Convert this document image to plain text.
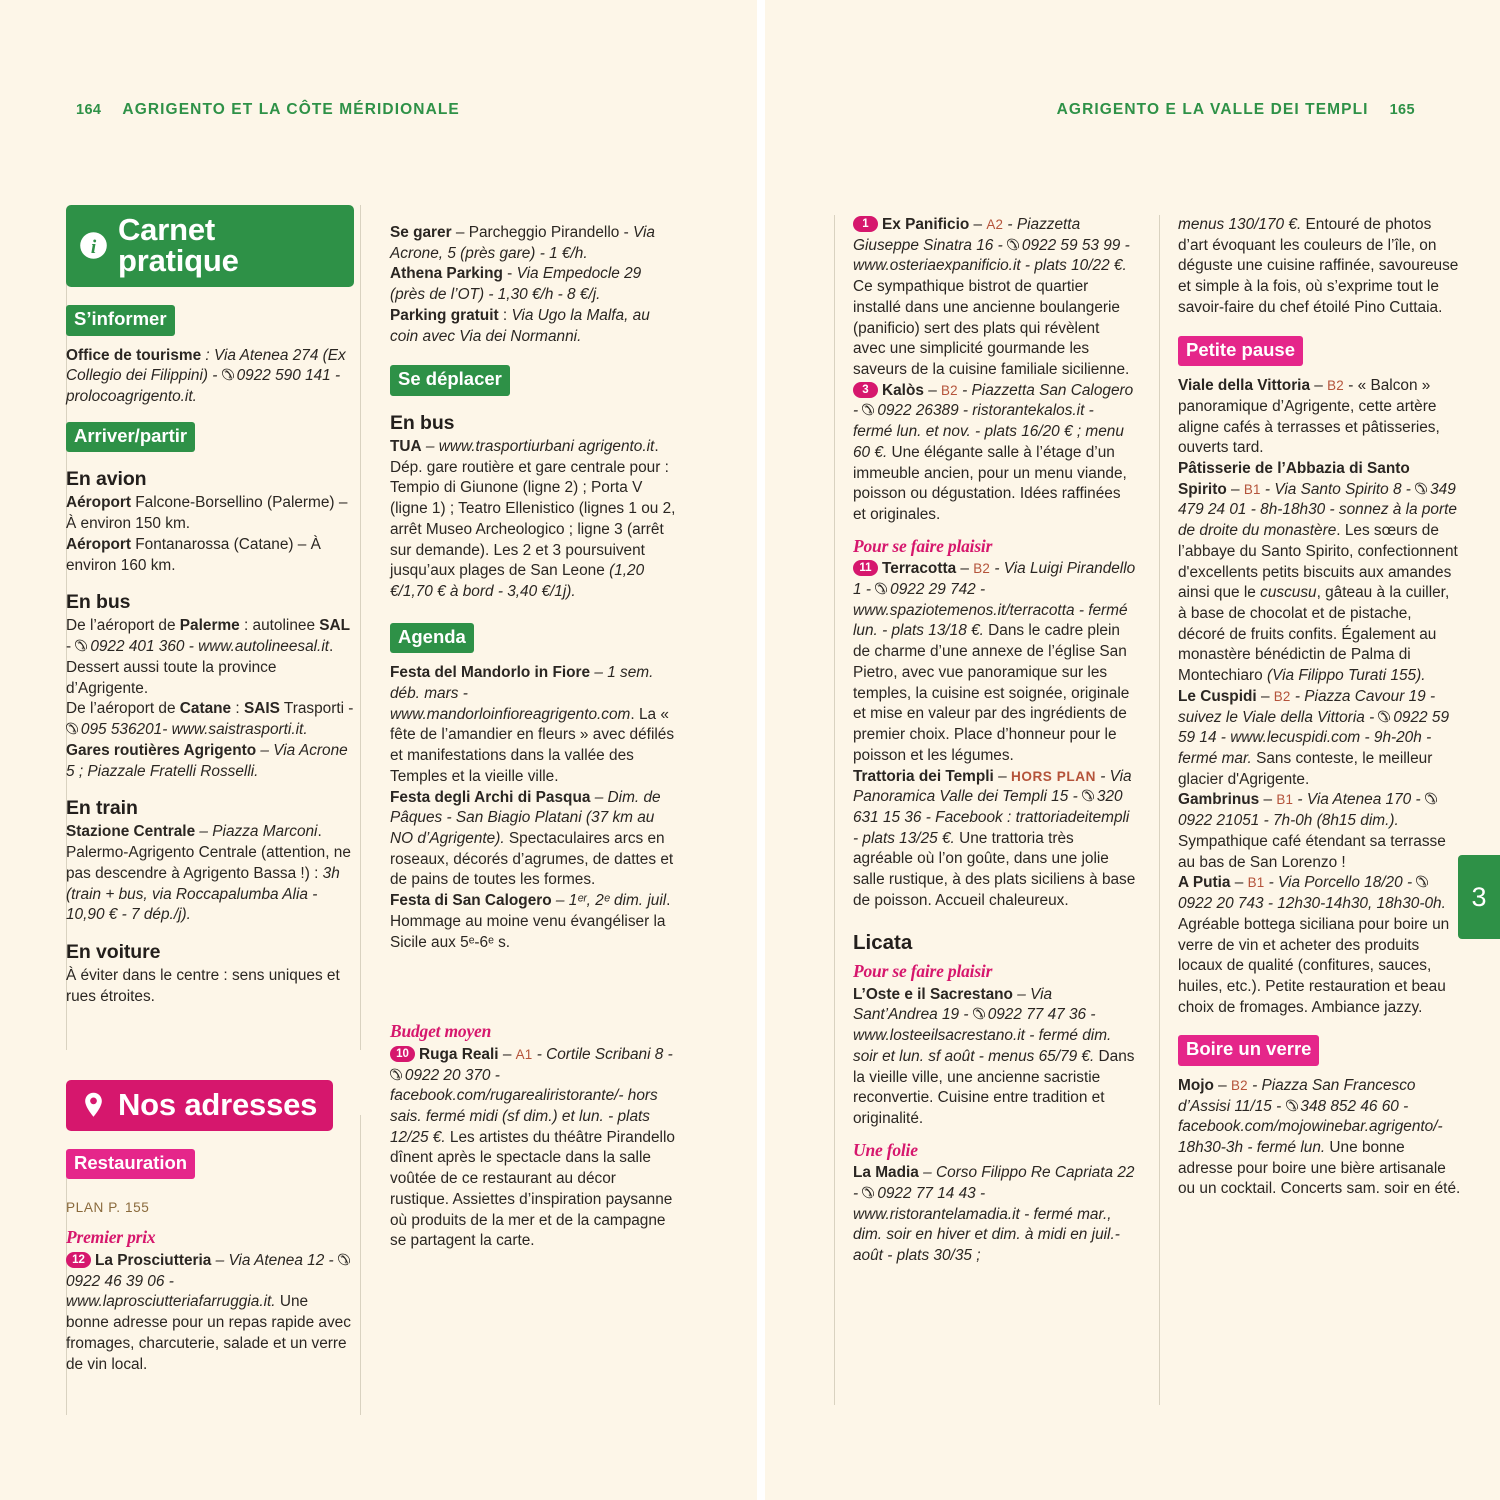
164 AGRIGENTO ET LA CÔTE MÉRIDIONALE
i Carnet pratique
S’informer

Office de tourisme : Via Atenea 274 (Ex Collegio dei Filippini) - ✆0922 590 141 - prolocoagrigento.it.

Arriver/partir
En avion

Aéroport Falcone-Borsellino (Palerme) – À environ 150 km.

Aéroport Fontanarossa (Catane) – À environ 160 km.

En bus

De l’aéroport de Palerme : autolinee SAL - ✆0922 401 360 - www.autolineesal.it. Dessert aussi toute la province d’Agrigente.

De l’aéroport de Catane : SAIS Trasporti - ✆095 536201- www.saistrasporti.it.

Gares routières Agrigento – Via Acrone 5 ; Piazzale Fratelli Rosselli.

En train

Stazione Centrale – Piazza Marconi. Palermo-Agrigento Centrale (attention, ne pas descendre à Agrigento Bassa !) : 3h (train + bus, via Roccapalumba Alia - 10,90 € - 7 dép./j).

En voiture

À éviter dans le centre : sens uniques et rues étroites.

Nos adresses
Restauration
PLAN P. 155
Premier prix

12 La Prosciutteria – Via Atenea 12 - ✆0922 46 39 06 - www.laprosciutteriafarruggia.it. Une bonne adresse pour un repas rapide avec fromages, charcuterie, salade et un verre de vin local.

Se garer – Parcheggio Pirandello - Via Acrone, 5 (près gare) - 1 €/h.

Athena Parking - Via Empedocle 29 (près de l’OT) - 1,30 €/h - 8 €/j.

Parking gratuit : Via Ugo la Malfa, au coin avec Via dei Normanni.

Se déplacer
En bus

TUA – www.trasportiurbani agrigento.it. Dép. gare routière et gare centrale pour : Tempio di Giunone (ligne 2) ; Porta V (ligne 1) ; Teatro Ellenistico (lignes 1 ou 2, arrêt Museo Archeologico ; ligne 3 (arrêt sur demande). Les 2 et 3 poursuivent jusqu’aux plages de San Leone (1,20 €/1,70 € à bord - 3,40 €/1j).

Agenda

Festa del Mandorlo in Fiore – 1 sem. déb. mars - www.mandorloinfioreagrigento.com. La « fête de l’amandier en fleurs » avec défilés et manifestations dans la vallée des Temples et la vieille ville.

Festa degli Archi di Pasqua – Dim. de Pâques - San Biagio Platani (37 km au NO d’Agrigente). Spectaculaires arcs en roseaux, décorés d’agrumes, de dattes et de pains de toutes les formes.

Festa di San Calogero – 1ᵉʳ, 2ᵉ dim. juil. Hommage au moine venu évangéliser la Sicile aux 5ᵉ-6ᵉ s.

Budget moyen

10 Ruga Reali – A1 - Cortile Scribani 8 - ✆0922 20 370 - facebook.com/rugarealiristorante/- hors sais. fermé midi (sf dim.) et lun. - plats 12/25 €. Les artistes du théâtre Pirandello dînent après le spectacle dans la salle voûtée de ce restaurant au décor rustique. Assiettes d’inspiration paysanne où produits de la mer et de la campagne se partagent la carte.

AGRIGENTO E LA VALLE DEI TEMPLI 165

1 Ex Panificio – A2 - Piazzetta Giuseppe Sinatra 16 - ✆0922 59 53 99 - www.osteriaexpanificio.it - plats 10/22 €. Ce sympathique bistrot de quartier installé dans une ancienne boulangerie (panificio) sert des plats qui révèlent avec une simplicité gourmande les saveurs de la cuisine familiale sicilienne.

3 Kalòs – B2 - Piazzetta San Calogero - ✆0922 26389 - ristorantekalos.it - fermé lun. et nov. - plats 16/20 € ; menu 60 €. Une élégante salle à l’étage d’un immeuble ancien, pour un menu viande, poisson ou dégustation. Idées raffinées et originales.

Pour se faire plaisir

11 Terracotta – B2 - Via Luigi Pirandello 1 - ✆0922 29 742 - www.spaziotemenos.it/terracotta - fermé lun. - plats 13/18 €. Dans le cadre plein de charme d’une annexe de l’église San Pietro, avec vue panoramique sur les temples, la cuisine est soignée, originale et mise en valeur par des ingrédients de premier choix. Place d’honneur pour le poisson et les légumes.

Trattoria dei Templi – HORS PLAN - Via Panoramica Valle dei Templi 15 - ✆320 631 15 36 - Facebook : trattoriadeitempli - plats 13/25 €. Une trattoria très agréable où l’on goûte, dans une jolie salle rustique, à des plats siciliens à base de poisson. Accueil chaleureux.

Licata
Pour se faire plaisir

L’Oste e il Sacrestano – Via Sant’Andrea 19 - ✆0922 77 47 36 - www.losteeilsacrestano.it - fermé dim. soir et lun. sf août - menus 65/79 €. Dans la vieille ville, une ancienne sacristie reconvertie. Cuisine entre tradition et originalité.

Une folie

La Madia – Corso Filippo Re Capriata 22 - ✆0922 77 14 43 - www.ristorantelamadia.it - fermé mar., dim. soir en hiver et dim. à midi en juil.-août - plats 30/35 ;

menus 130/170 €. Entouré de photos d’art évoquant les couleurs de l’île, on déguste une cuisine raffinée, savoureuse et simple à la fois, où s’exprime tout le savoir-faire du chef étoilé Pino Cuttaia.

Petite pause

Viale della Vittoria – B2 - « Balcon » panoramique d’Agrigente, cette artère aligne cafés à terrasses et pâtisseries, ouverts tard.

Pâtisserie de l’Abbazia di Santo Spirito – B1 - Via Santo Spirito 8 - ✆349 479 24 01 - 8h-18h30 - sonnez à la porte de droite du monastère. Les sœurs de l’abbaye du Santo Spirito, confectionnent d'excellents petits biscuits aux amandes ainsi que le cuscusu, gâteau à la cuiller, à base de chocolat et de pistache, décoré de fruits confits. Également au monastère bénédictin de Palma di Montechiaro (Via Filippo Turati 155).

Le Cuspidi – B2 - Piazza Cavour 19 - suivez le Viale della Vittoria - ✆0922 59 59 14 - www.lecuspidi.com - 9h-20h - fermé mar. Sans conteste, le meilleur glacier d'Agrigente.

Gambrinus – B1 - Via Atenea 170 - ✆0922 21051 - 7h-0h (8h15 dim.). Sympathique café étendant sa terrasse au bas de San Lorenzo !

A Putia – B1 - Via Porcello 18/20 - ✆0922 20 743 - 12h30-14h30, 18h30-0h. Agréable bottega siciliana pour boire un verre de vin et acheter des produits locaux de qualité (confitures, sauces, huiles, etc.). Petite restauration et beau choix de fromages. Ambiance jazzy.

Boire un verre

Mojo – B2 - Piazza San Francesco d’Assisi 11/15 - ✆348 852 46 60 - facebook.com/mojowinebar.agrigento/- 18h30-3h - fermé lun. Une bonne adresse pour boire une bière artisanale ou un cocktail. Concerts sam. soir en été.

3
